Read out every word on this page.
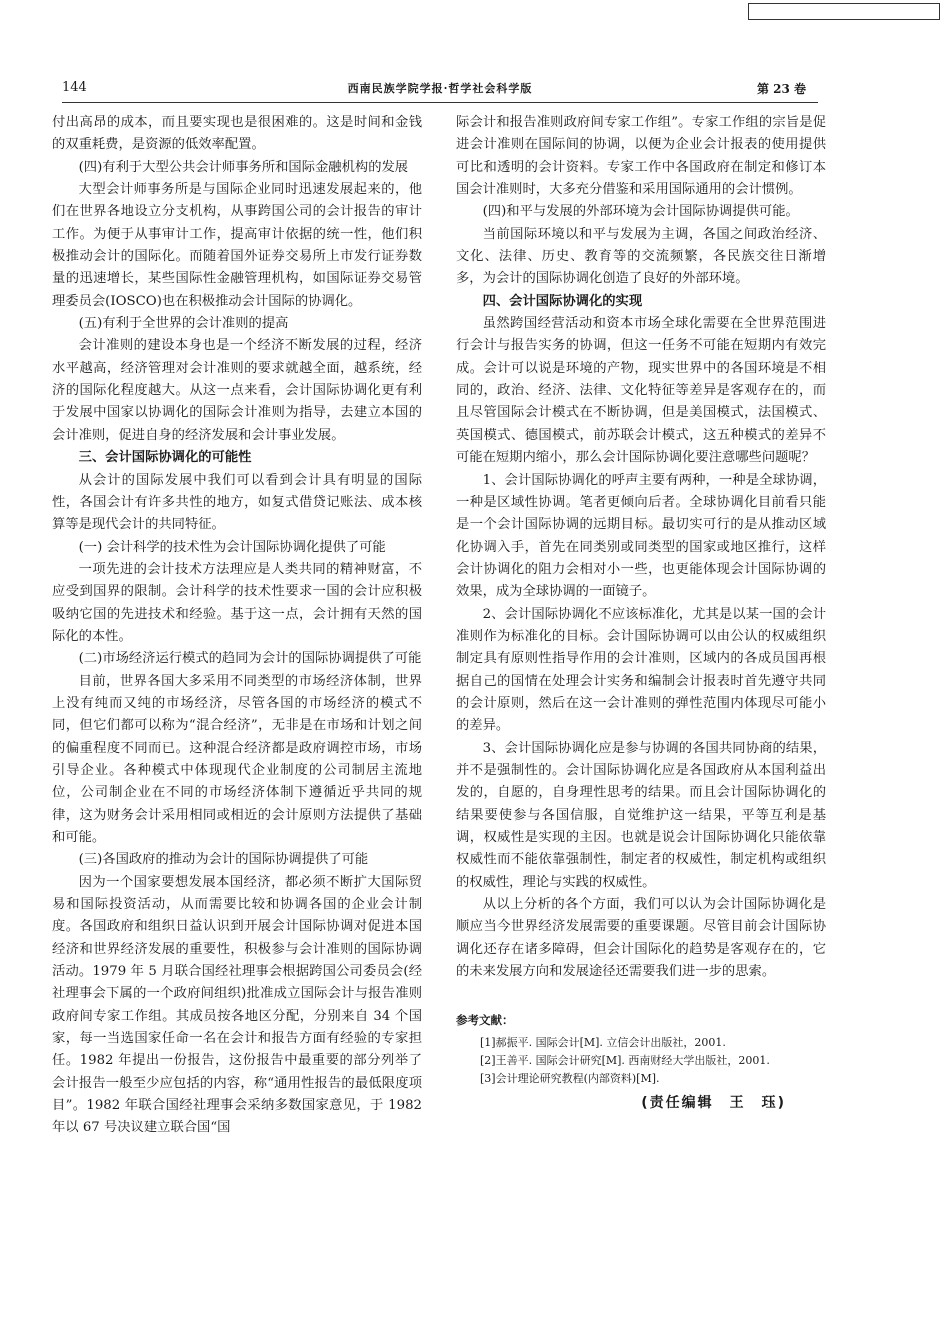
144	西南民族学院学报·哲学社会科学版	第 23 卷

付出高昂的成本，而且要实现也是很困难的。这是时间和金钱的双重耗费，是资源的低效率配置。

(四)有利于大型公共会计师事务所和国际金融机构的发展

大型会计师事务所是与国际企业同时迅速发展起来的，他们在世界各地设立分支机构，从事跨国公司的会计报告的审计工作。为便于从事审计工作，提高审计依据的统一性，他们积极推动会计的国际化。而随着国外证券交易所上市发行证券数量的迅速增长，某些国际性金融管理机构，如国际证券交易管理委员会(IOSCO)也在积极推动会计国际的协调化。

(五)有利于全世界的会计准则的提高

会计准则的建设本身也是一个经济不断发展的过程，经济水平越高，经济管理对会计准则的要求就越全面，越系统，经济的国际化程度越大。从这一点来看，会计国际协调化更有利于发展中国家以协调化的国际会计准则为指导，去建立本国的会计准则，促进自身的经济发展和会计事业发展。

三、会计国际协调化的可能性

从会计的国际发展中我们可以看到会计具有明显的国际性，各国会计有许多共性的地方，如复式借贷记账法、成本核算等是现代会计的共同特征。

(一) 会计科学的技术性为会计国际协调化提供了可能

一项先进的会计技术方法理应是人类共同的精神财富，不应受到国界的限制。会计科学的技术性要求一国的会计应积极吸纳它国的先进技术和经验。基于这一点，会计拥有天然的国际化的本性。

(二)市场经济运行模式的趋同为会计的国际协调提供了可能

目前，世界各国大多采用不同类型的市场经济体制，世界上没有纯而又纯的市场经济，尽管各国的市场经济的模式不同，但它们都可以称为“混合经济”，无非是在市场和计划之间的偏重程度不同而已。这种混合经济都是政府调控市场，市场引导企业。各种模式中体现现代企业制度的公司制居主流地位，公司制企业在不同的市场经济体制下遵循近乎共同的规律，这为财务会计采用相同或相近的会计原则方法提供了基础和可能。

(三)各国政府的推动为会计的国际协调提供了可能

因为一个国家要想发展本国经济，都必须不断扩大国际贸易和国际投资活动，从而需要比较和协调各国的企业会计制度。各国政府和组织日益认识到开展会计国际协调对促进本国经济和世界经济发展的重要性，积极参与会计准则的国际协调活动。1979 年 5 月联合国经社理事会根据跨国公司委员会(经社理事会下属的一个政府间组织)批准成立国际会计与报告准则政府间专家工作组。其成员按各地区分配，分别来自 34 个国家，每一当选国家任命一名在会计和报告方面有经验的专家担任。1982 年提出一份报告，这份报告中最重要的部分列举了会计报告一般至少应包括的内容，称“通用性报告的最低限度项目”。1982 年联合国经社理事会采纳多数国家意见，于 1982 年以 67 号决议建立联合国“国

际会计和报告准则政府间专家工作组”。专家工作组的宗旨是促进会计准则在国际间的协调，以便为企业会计报表的使用提供可比和透明的会计资料。专家工作中各国政府在制定和修订本国会计准则时，大多充分借鉴和采用国际通用的会计惯例。

(四)和平与发展的外部环境为会计国际协调提供可能。

当前国际环境以和平与发展为主调，各国之间政治经济、文化、法律、历史、教育等的交流频繁，各民族交往日渐增多，为会计的国际协调化创造了良好的外部环境。

四、会计国际协调化的实现

虽然跨国经营活动和资本市场全球化需要在全世界范围进行会计与报告实务的协调，但这一任务不可能在短期内有效完成。会计可以说是环境的产物，现实世界中的各国环境是不相同的，政治、经济、法律、文化特征等差异是客观存在的，而且尽管国际会计模式在不断协调，但是美国模式，法国模式、英国模式、德国模式，前苏联会计模式，这五种模式的差异不可能在短期内缩小，那么会计国际协调化要注意哪些问题呢？

1、会计国际协调化的呼声主要有两种，一种是全球协调，一种是区域性协调。笔者更倾向后者。全球协调化目前看只能是一个会计国际协调的远期目标。最切实可行的是从推动区域化协调入手，首先在同类别或同类型的国家或地区推行，这样会计协调化的阻力会相对小一些，也更能体现会计国际协调的效果，成为全球协调的一面镜子。

2、会计国际协调化不应该标准化，尤其是以某一国的会计准则作为标准化的目标。会计国际协调可以由公认的权威组织制定具有原则性指导作用的会计准则，区域内的各成员国再根据自己的国情在处理会计实务和编制会计报表时首先遵守共同的会计原则，然后在这一会计准则的弹性范围内体现尽可能小的差异。

3、会计国际协调化应是参与协调的各国共同协商的结果，并不是强制性的。会计国际协调化应是各国政府从本国利益出发的，自愿的，自身理性思考的结果。而且会计国际协调化的结果要使参与各国信服，自觉维护这一结果，平等互利是基调，权威性是实现的主因。也就是说会计国际协调化只能依靠权威性而不能依靠强制性，制定者的权威性，制定机构或组织的权威性，理论与实践的权威性。

从以上分析的各个方面，我们可以认为会计国际协调化是顺应当今世界经济发展需要的重要课题。尽管目前会计国际协调化还存在诸多障碍，但会计国际化的趋势是客观存在的，它的未来发展方向和发展途径还需要我们进一步的思索。

参考文献：

[1]郝振平. 国际会计[M]. 立信会计出版社，2001.
[2]王善平. 国际会计研究[M]. 西南财经大学出版社，2001.
[3]会计理论研究教程(内部资料)[M].
(责任编辑　王　珏)
